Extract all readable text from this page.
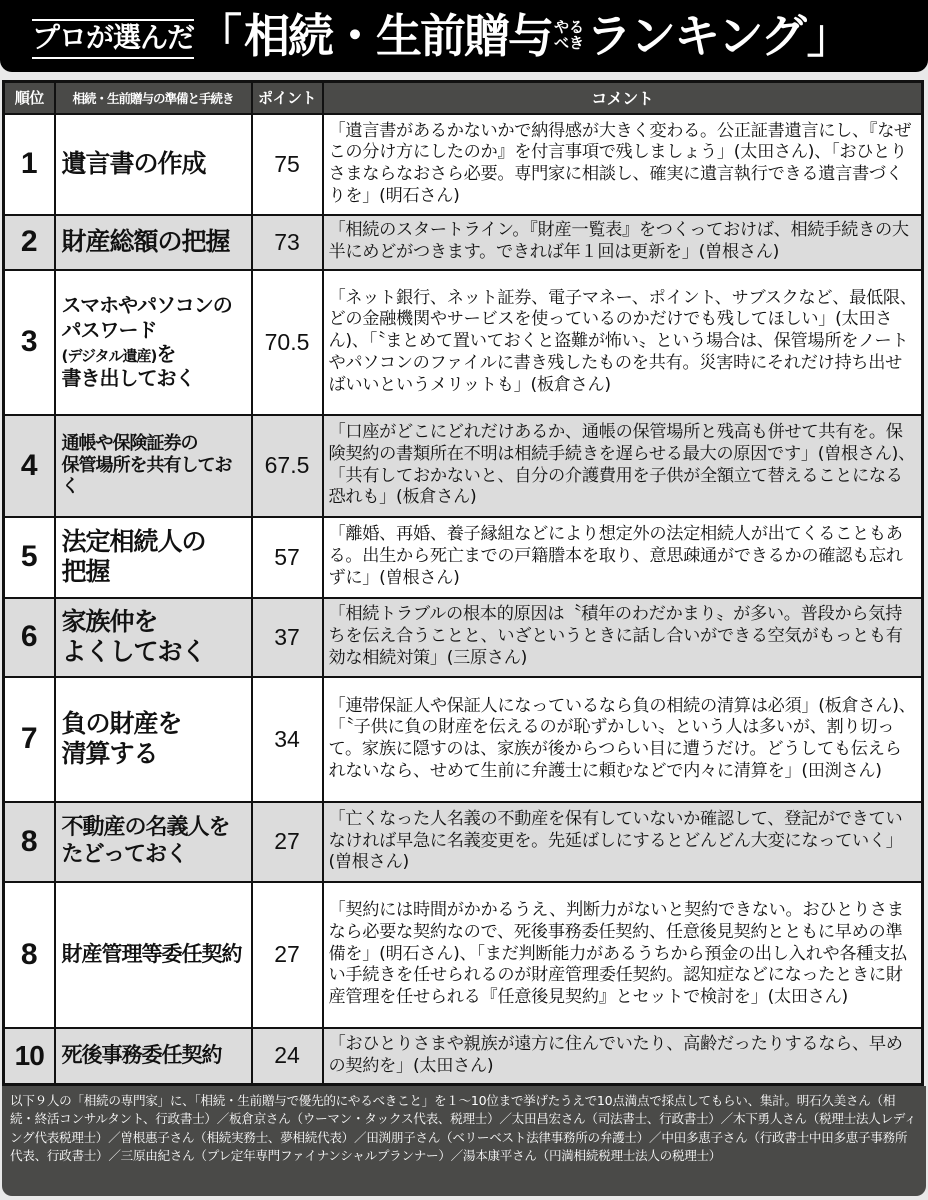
プロが選んだ 「 相続・生前贈与 やる
べき ランキング 」
順位	相続・生前贈与の準備と手続き	ポイント	コメント
1	遺言書の作成	75	「遺言書があるかないかで納得感が大きく変わる。公正証書遺言にし、『なぜこの分け方にしたのか』を付言事項で残しましょう」(太田さん)、「おひとりさまならなおさら必要。専門家に相談し、確実に遺言執行できる遺言書づくりを」(明石さん)
2	財産総額の把握	73	「相続のスタートライン。『財産一覧表』をつくっておけば、相続手続きの大半にめどがつきます。できれば年１回は更新を」(曽根さん)
3	スマホやパソコンの
パスワード
(デジタル遺産)を
書き出しておく	70.5	「ネット銀行、ネット証券、電子マネー、ポイント、サブスクなど、最低限、どの金融機関やサービスを使っているのかだけでも残してほしい」(太田さん)、「〝まとめて置いておくと盗難が怖い〟という場合は、保管場所をノートやパソコンのファイルに書き残したものを共有。災害時にそれだけ持ち出せばいいというメリットも」(板倉さん)
4	通帳や保険証券の
保管場所を共有しておく	67.5	「口座がどこにどれだけあるか、通帳の保管場所と残高も併せて共有を。保険契約の書類所在不明は相続手続きを遅らせる最大の原因です」(曽根さん)、「共有しておかないと、自分の介護費用を子供が全額立て替えることになる恐れも」(板倉さん)
5	法定相続人の
把握	57	「離婚、再婚、養子縁組などにより想定外の法定相続人が出てくることもある。出生から死亡までの戸籍謄本を取り、意思疎通ができるかの確認も忘れずに」(曽根さん)
6	家族仲を
よくしておく	37	「相続トラブルの根本的原因は〝積年のわだかまり〟が多い。普段から気持ちを伝え合うことと、いざというときに話し合いができる空気がもっとも有効な相続対策」(三原さん)
7	負の財産を
清算する	34	「連帯保証人や保証人になっているなら負の相続の清算は必須」(板倉さん)、「〝子供に負の財産を伝えるのが恥ずかしい〟という人は多いが、割り切って。家族に隠すのは、家族が後からつらい目に遭うだけ。どうしても伝えられないなら、せめて生前に弁護士に頼むなどで内々に清算を」(田渕さん)
8	不動産の名義人を
たどっておく	27	「亡くなった人名義の不動産を保有していないか確認して、登記ができていなければ早急に名義変更を。先延ばしにするとどんどん大変になっていく」(曽根さん)
8	財産管理等委任契約	27	「契約には時間がかかるうえ、判断力がないと契約できない。おひとりさまなら必要な契約なので、死後事務委任契約、任意後見契約とともに早めの準備を」(明石さん)、「まだ判断能力があるうちから預金の出し入れや各種支払い手続きを任せられるのが財産管理委任契約。認知症などになったときに財産管理を任せられる『任意後見契約』とセットで検討を」(太田さん)
10	死後事務委任契約	24	「おひとりさまや親族が遠方に住んでいたり、高齢だったりするなら、早めの契約を」(太田さん)
以下９人の「相続の専門家」に、「相続・生前贈与で優先的にやるべきこと」を１～10位まで挙げたうえで10点満点で採点してもらい、集計。明石久美さん（相続・終活コンサルタント、行政書士）／板倉京さん（ウーマン・タックス代表、税理士）／太田昌宏さん（司法書士、行政書士）／木下勇人さん（税理士法人レディング代表税理士）／曽根惠子さん（相続実務士、夢相続代表）／田渕朋子さん（ベリーベスト法律事務所の弁護士）／中田多恵子さん（行政書士中田多恵子事務所代表、行政書士）／三原由紀さん（プレ定年専門ファイナンシャルプランナー）／湯本康平さん（円満相続税理士法人の税理士）
